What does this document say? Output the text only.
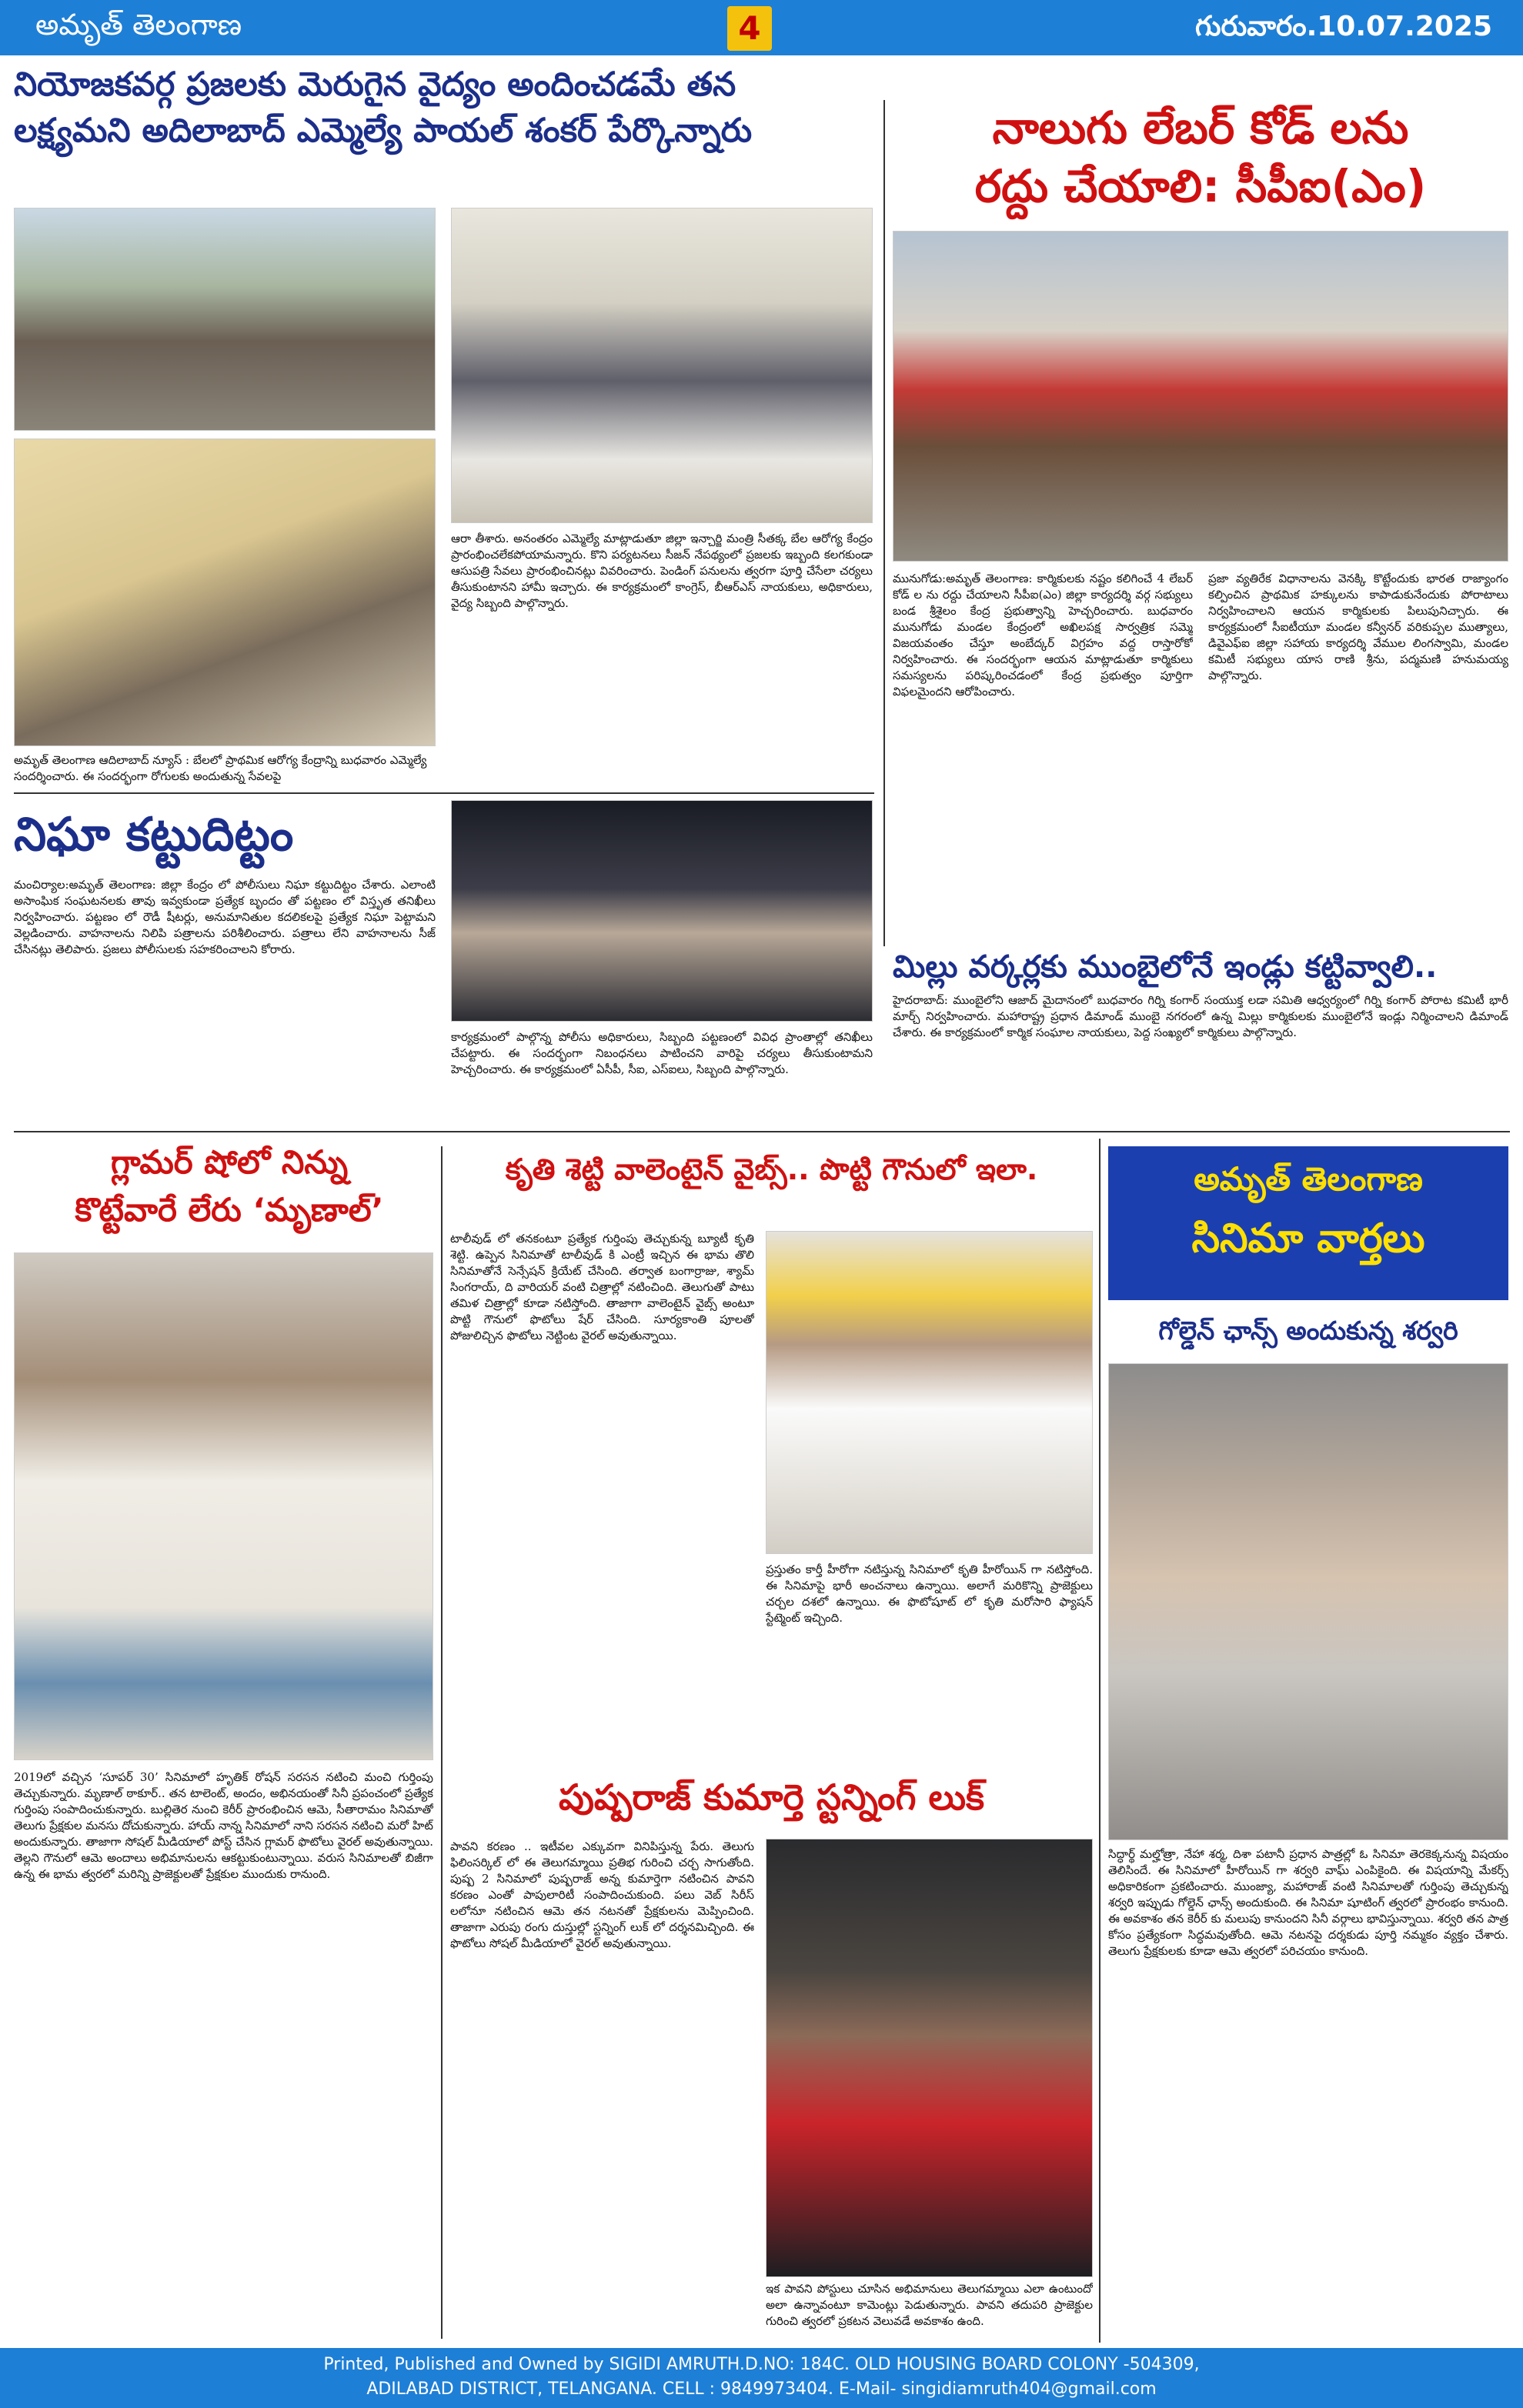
అమృత్ తెలంగాణ	4	గురువారం.10.07.2025
నియోజకవర్గ ప్రజలకు మెరుగైన వైద్యం అందించడమే తన
లక్ష్యమని అదిలాబాద్ ఎమ్మెల్యే పాయల్ శంకర్ పేర్కొన్నారు
అమృత్ తెలంగాణ ఆదిలాబాద్ న్యూస్ : బేలలో ప్రాథమిక ఆరోగ్య కేంద్రాన్ని బుధవారం ఎమ్మెల్యే సందర్శించారు. ఈ సందర్భంగా రోగులకు అందుతున్న సేవలపై
ఆరా తీశారు. అనంతరం ఎమ్మెల్యే మాట్లాడుతూ జిల్లా ఇన్చార్జి మంత్రి సీతక్క బేల ఆరోగ్య కేంద్రం ప్రారంభించలేకపోయామన్నారు. కొని పర్యటనలు సీజన్ నేపథ్యంలో ప్రజలకు ఇబ్బంది కలగకుండా ఆసుపత్రి సేవలు ప్రారంభించినట్లు వివరించారు. పెండింగ్ పనులను త్వరగా పూర్తి చేసేలా చర్యలు తీసుకుంటానని హామీ ఇచ్చారు. ఈ కార్యక్రమంలో కాంగ్రెస్, బీఆర్ఎస్ నాయకులు, అధికారులు, వైద్య సిబ్బంది పాల్గొన్నారు.
నాలుగు లేబర్ కోడ్ లను
రద్దు చేయాలి: సీపీఐ(ఎం)
మునుగోడు:అమృత్ తెలంగాణ: కార్మికులకు నష్టం కలిగించే 4 లేబర్ కోడ్ ల ను రద్దు చేయాలని సీపీఐ(ఎం) జిల్లా కార్యదర్శి వర్గ సభ్యులు బండ శ్రీశైలం కేంద్ర ప్రభుత్వాన్ని హెచ్చరించారు. బుధవారం మునుగోడు మండల కేంద్రంలో అఖిలపక్ష సార్వత్రిక సమ్మె విజయవంతం చేస్తూ అంబేద్కర్ విగ్రహం వద్ద రాస్తారోకో నిర్వహించారు. ఈ సందర్భంగా ఆయన మాట్లాడుతూ కార్మికులు సమస్యలను పరిష్కరించడంలో కేంద్ర ప్రభుత్వం పూర్తిగా విఫలమైందని ఆరోపించారు.
ప్రజా వ్యతిరేక విధానాలను వెనక్కి కొట్టేందుకు భారత రాజ్యాంగం కల్పించిన ప్రాథమిక హక్కులను కాపాడుకునేందుకు పోరాటాలు నిర్వహించాలని ఆయన కార్మికులకు పిలుపునిచ్చారు. ఈ కార్యక్రమంలో సీఐటీయూ మండల కన్వీనర్ వరికుప్పల ముత్యాలు, డివైఎఫ్ఐ జిల్లా సహాయ కార్యదర్శి వేముల లింగస్వామి, మండల కమిటీ సభ్యులు యాస రాణి శ్రీను, పద్మమణి హనుమయ్య పాల్గొన్నారు.
నిఘా కట్టుదిట్టం
మంచిర్యాల:అమృత్ తెలంగాణ: జిల్లా కేంద్రం లో పోలీసులు నిఘా కట్టుదిట్టం చేశారు. ఎలాంటి అసాంఘిక సంఘటనలకు తావు ఇవ్వకుండా ప్రత్యేక బృందం తో పట్టణం లో విస్తృత తనిఖీలు నిర్వహించారు. పట్టణం లో రౌడీ షీటర్లు, అనుమానితుల కదలికలపై ప్రత్యేక నిఘా పెట్టామని వెల్లడించారు. వాహనాలను నిలిపి పత్రాలను పరిశీలించారు. పత్రాలు లేని వాహనాలను సీజ్ చేసినట్లు తెలిపారు. ప్రజలు పోలీసులకు సహకరించాలని కోరారు.
కార్యక్రమంలో పాల్గొన్న పోలీసు అధికారులు, సిబ్బంది పట్టణంలో వివిధ ప్రాంతాల్లో తనిఖీలు చేపట్టారు. ఈ సందర్భంగా నిబంధనలు పాటించని వారిపై చర్యలు తీసుకుంటామని హెచ్చరించారు. ఈ కార్యక్రమంలో ఏసీపీ, సీఐ, ఎస్ఐలు, సిబ్బంది పాల్గొన్నారు.
మిల్లు వర్కర్లకు ముంబైలోనే ఇండ్లు కట్టివ్వాలి..
హైదరాబాద్: ముంబైలోని ఆజాద్ మైదానంలో బుధవారం గిర్ని కంగార్ సంయుక్త లడా సమితి ఆధ్వర్యంలో గిర్ని కంగార్ పోరాట కమిటీ భారీ మార్చ్ నిర్వహించారు. మహారాష్ట్ర ప్రధాన డిమాండ్ ముంబై నగరంలో ఉన్న మిల్లు కార్మికులకు ముంబైలోనే ఇండ్లు నిర్మించాలని డిమాండ్ చేశారు. ఈ కార్యక్రమంలో కార్మిక సంఘాల నాయకులు, పెద్ద సంఖ్యలో కార్మికులు పాల్గొన్నారు.
గ్లామర్ షోలో నిన్ను
కొట్టేవారే లేరు ‘మృణాల్’
2019లో వచ్చిన ‘సూపర్ 30’ సినిమాలో హృతిక్ రోషన్ సరసన నటించి మంచి గుర్తింపు తెచ్చుకున్నారు. మృణాల్ ఠాకూర్.. తన టాలెంట్, అందం, అభినయంతో సినీ ప్రపంచంలో ప్రత్యేక గుర్తింపు సంపాదించుకున్నారు. బుల్లితెర నుంచి కెరీర్ ప్రారంభించిన ఆమె, సీతారామం సినిమాతో తెలుగు ప్రేక్షకుల మనసు దోచుకున్నారు. హాయ్ నాన్న సినిమాలో నాని సరసన నటించి మరో హిట్ అందుకున్నారు. తాజాగా సోషల్ మీడియాలో పోస్ట్ చేసిన గ్లామర్ ఫొటోలు వైరల్ అవుతున్నాయి. తెల్లని గౌనులో ఆమె అందాలు అభిమానులను ఆకట్టుకుంటున్నాయి. వరుస సినిమాలతో బిజీగా ఉన్న ఈ భామ త్వరలో మరిన్ని ప్రాజెక్టులతో ప్రేక్షకుల ముందుకు రానుంది.
కృతి శెట్టి వాలెంటైన్ వైబ్స్.. పొట్టి గౌనులో ఇలా.
టాలీవుడ్ లో తనకంటూ ప్రత్యేక గుర్తింపు తెచ్చుకున్న బ్యూటీ కృతి శెట్టి. ఉప్పెన సినిమాతో టాలీవుడ్ కి ఎంట్రీ ఇచ్చిన ఈ భామ తొలి సినిమాతోనే సెన్సేషన్ క్రియేట్ చేసింది. తర్వాత బంగార్రాజు, శ్యామ్ సింగరాయ్, ది వారియర్ వంటి చిత్రాల్లో నటించింది. తెలుగుతో పాటు తమిళ చిత్రాల్లో కూడా నటిస్తోంది. తాజాగా వాలెంటైన్ వైబ్స్ అంటూ పొట్టి గౌనులో ఫొటోలు షేర్ చేసింది. సూర్యకాంతి పూలతో పోజులిచ్చిన ఫొటోలు నెట్టింట వైరల్ అవుతున్నాయి.
ప్రస్తుతం కార్తీ హీరోగా నటిస్తున్న సినిమాలో కృతి హీరోయిన్ గా నటిస్తోంది. ఈ సినిమాపై భారీ అంచనాలు ఉన్నాయి. అలాగే మరికొన్ని ప్రాజెక్టులు చర్చల దశలో ఉన్నాయి. ఈ ఫొటోషూట్ లో కృతి మరోసారి ఫ్యాషన్ స్టేట్మెంట్ ఇచ్చింది.
పుష్పరాజ్ కుమార్తె స్టన్నింగ్ లుక్
పావని కరణం .. ఇటీవల ఎక్కువగా వినిపిస్తున్న పేరు. తెలుగు ఫిలింసర్కిల్ లో ఈ తెలుగమ్మాయి ప్రతిభ గురించి చర్చ సాగుతోంది. పుష్ప 2 సినిమాలో పుష్పరాజ్ అన్న కుమార్తెగా నటించిన పావని కరణం ఎంతో పాపులారిటీ సంపాదించుకుంది. పలు వెబ్ సిరీస్ లలోనూ నటించిన ఆమె తన నటనతో ప్రేక్షకులను మెప్పించింది. తాజాగా ఎరుపు రంగు దుస్తుల్లో స్టన్నింగ్ లుక్ లో దర్శనమిచ్చింది. ఈ ఫొటోలు సోషల్ మీడియాలో వైరల్ అవుతున్నాయి.
ఇక పావని పోస్టులు చూసిన అభిమానులు తెలుగమ్మాయి ఎలా ఉంటుందో అలా ఉన్నావంటూ కామెంట్లు పెడుతున్నారు. పావని తదుపరి ప్రాజెక్టుల గురించి త్వరలో ప్రకటన వెలువడే అవకాశం ఉంది.
అమృత్ తెలంగాణ
సినిమా వార్తలు
గోల్డెన్ ఛాన్స్ అందుకున్న శర్వరి
సిద్ధార్థ్ మల్హోత్రా, నేహా శర్మ, దిశా పటానీ ప్రధాన పాత్రల్లో ఓ సినిమా తెరకెక్కనున్న విషయం తెలిసిందే. ఈ సినిమాలో హీరోయిన్ గా శర్వరి వాఘ్ ఎంపికైంది. ఈ విషయాన్ని మేకర్స్ అధికారికంగా ప్రకటించారు. ముంజ్యా, మహారాజ్ వంటి సినిమాలతో గుర్తింపు తెచ్చుకున్న శర్వరి ఇప్పుడు గోల్డెన్ ఛాన్స్ అందుకుంది. ఈ సినిమా షూటింగ్ త్వరలో ప్రారంభం కానుంది. ఈ అవకాశం తన కెరీర్ కు మలుపు కానుందని సినీ వర్గాలు భావిస్తున్నాయి. శర్వరి తన పాత్ర కోసం ప్రత్యేకంగా సిద్ధమవుతోంది. ఆమె నటనపై దర్శకుడు పూర్తి నమ్మకం వ్యక్తం చేశారు. తెలుగు ప్రేక్షకులకు కూడా ఆమె త్వరలో పరిచయం కానుంది.
Printed, Published and Owned by SIGIDI AMRUTH.D.NO: 184C. OLD HOUSING BOARD COLONY -504309,
ADILABAD DISTRICT, TELANGANA. CELL : 9849973404. E-Mail- singidiamruth404@gmail.com
